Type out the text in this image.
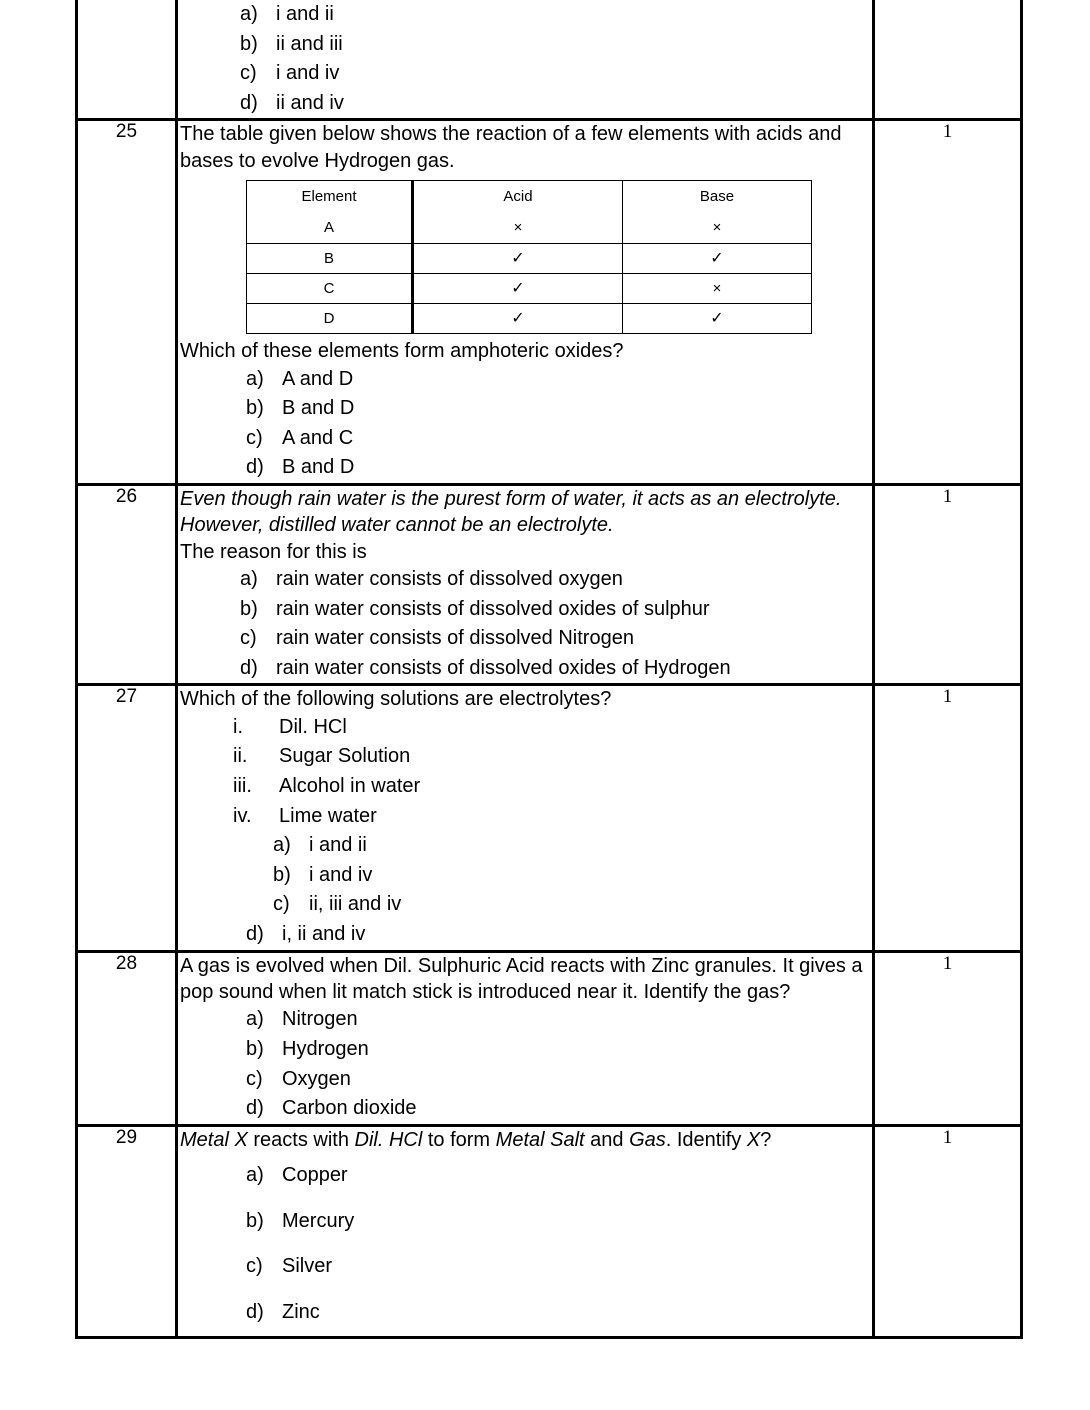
a) i and ii
b) ii and iii
c) i and iv
d) ii and iv

25	The table given below shows the reaction of a few elements with acids and bases to evolve Hydrogen gas.

Element	Acid	Base
A	×	×
B	✓	✓
C	✓	×
D	✓	✓

Which of these elements form amphoteric oxides?

a) A and D
b) B and D
c) A and C
d) B and D
	1
26	Even though rain water is the purest form of water, it acts as an electrolyte. However, distilled water cannot be an electrolyte.

The reason for this is

a) rain water consists of dissolved oxygen
b) rain water consists of dissolved oxides of sulphur
c) rain water consists of dissolved Nitrogen
d) rain water consists of dissolved oxides of Hydrogen
	1
27	Which of the following solutions are electrolytes?

i.	Dil. HCl
ii.	Sugar Solution
iii.	Alcohol in water
iv.	Lime water
a) i and ii
b) i and iv
c) ii, iii and iv
d) i, ii and iv
	1
28	A gas is evolved when Dil. Sulphuric Acid reacts with Zinc granules. It gives a pop sound when lit match stick is introduced near it. Identify the gas?

a) Nitrogen
b) Hydrogen
c) Oxygen
d) Carbon dioxide
	1
29	Metal X reacts with Dil. HCl to form Metal Salt and Gas. Identify X?

a) Copper
b) Mercury
c) Silver
d) Zinc
	1
